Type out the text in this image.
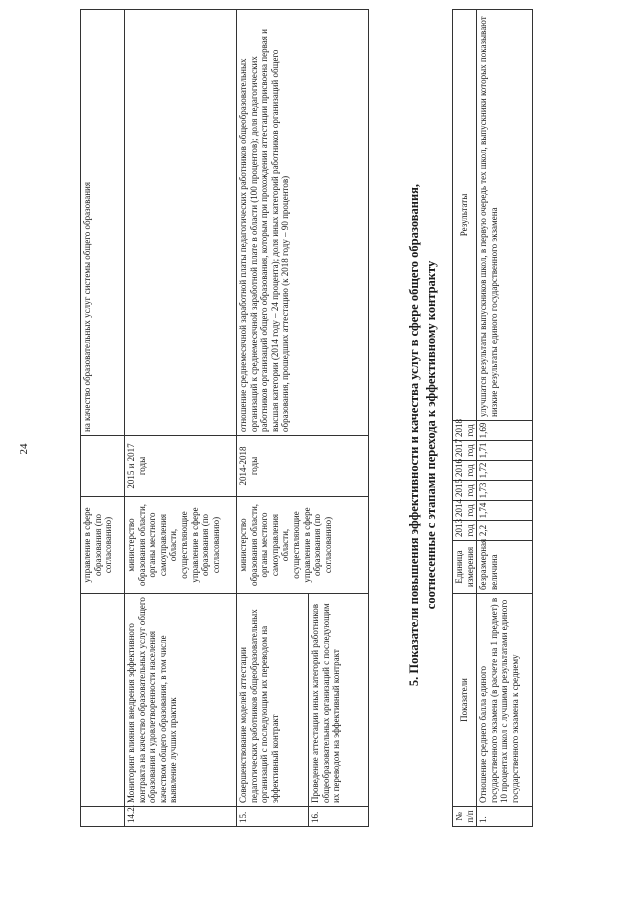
24
		управление в сфере образования (по согласованию)		на качество образовательных услуг системы общего образования
14.2.	Мониторинг влияния внедрения эффективного контракта на качество образовательных услуг общего образования и удовлетворенности населения качеством общего образования, в том числе выявление лучших практик	министерство образования области, органы местного самоуправления области, осуществляющие управление в сфере образования (по согласованию)	2015 и 2017 годы	
15.	Совершенствование моделей аттестации педагогических работников общеобразовательных организаций с последующим их переводом на эффективный контракт	министерство образования области, органы местного самоуправления области, осуществляющие управление в сфере образования (по согласованию)	2014-2018 годы	отношение среднемесячной заработной платы педагогических работников общеобразовательных организаций к среднемесячной заработной плате в области (100 процентов); доля педагогических работников организаций общего образования, которым при прохождении аттестации присвоена первая и высшая категории (2014 году – 24 процента); доля иных категорий работников организаций общего образования, прошедших аттестацию (к 2018 году – 90 процентов)
16.	Проведение аттестации иных категорий работников общеобразовательных организаций с последующим их переводом на эффективный контракт			
5. Показатели повышения эффективности и качества услуг в сфере общего образования, соотнесенные с этапами перехода к эффективному контракту
№ п/п	Показатели	Единица измерения	2013 год	2014 год	2015 год	2016 год	2017 год	2018 год	Результаты
1.	Отношение среднего балла единого государственного экзамена (в расчете на 1 предмет) в 10 процентах школ с лучшими результатами единого государственного экзамена к среднему	безразмерная величина	2,2	1,74	1,73	1,72	1,71	1,69	улучшатся результаты выпускников школ, в первую очередь тех школ, выпускники которых показывают низкие результаты единого государственного экзамена
